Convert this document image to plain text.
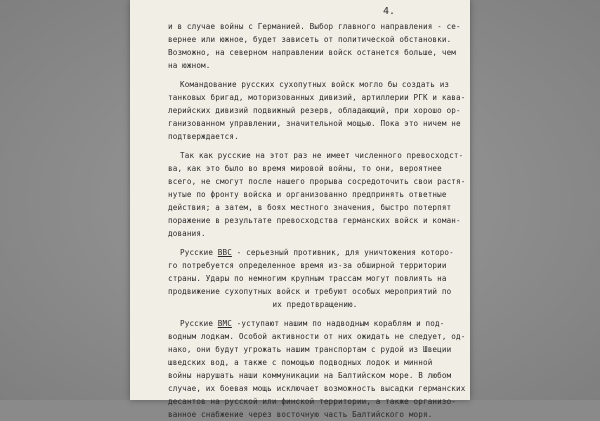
4.
и в случае войны с Германией. Выбор главного направления - се-
вернее или южное, будет зависеть от политической обстановки.
Возможно, на северном направлении войск останется больше, чем
на южном.
Командование русских сухопутных войск могло бы создать из
танковых бригад, моторизованных дивизий, артиллерии РГК и кава-
лерийских дивизий подвижный резерв, обладающий, при хорошо ор-
ганизованном управлении, значительной мощью. Пока это ничем не
подтверждается.
Так как русские на этот раз не имеет численного превосходст-
ва, как это было во время мировой войны, то они, вероятнее
всего, не смогут после нашего прорыва сосредоточить свои растя-
нутые по фронту войска и организованно предпринять ответные
действия; а затем, в боях местного значения, быстро потерпят
поражение в результате превосходства германских войск и коман-
дования.
Русские ВВС - серьезный противник, для уничтожения которо-
го потребуется определенное время из-за обширной территории
страны. Удары по немногим крупным трассам могут повлиять на
продвижение сухопутных войск и требуют особых мероприятий по
их предотвращению.
Русские ВМС -уступают нашим по надводным кораблям и под-
водным лодкам. Особой активности от них ожидать не следует, од-
нако, они будут угрожать нашим транспортам с рудой из Швеции
шведских вод, а также с помощью подводных лодок и минной
войны нарушать наши коммуникации на Балтийском море. В любом
случае, их боевая мощь исключает возможность высадки германских
десантов на русской или финской территории, а также организо-
ванное снабжение через восточную часть Балтийского моря.
